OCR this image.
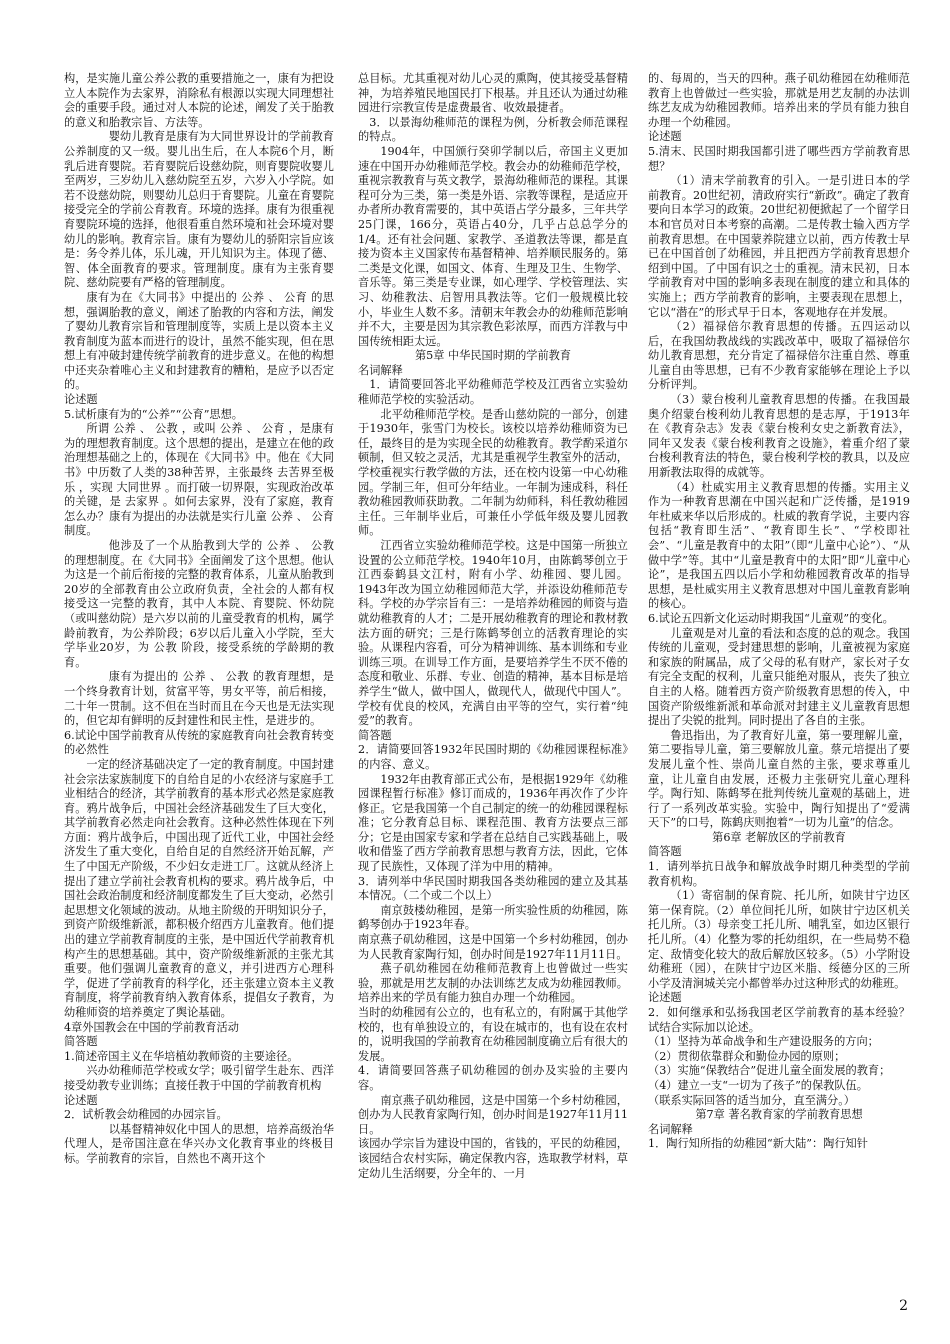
构，是实施儿童公养公教的重要措施之一，康有为把设立人本院作为去家界，消除私有根源以实现大同理想社会的重要手段。通过对人本院的论述，阐发了关于胎教的意义和胎教宗旨、方法等。

婴幼儿教育是康有为大同世界设计的学前教育公养制度的又一级。婴儿出生后，在人本院6个月，断乳后进育婴院。若育婴院后设慈幼院，则育婴院收婴儿至两岁，三岁幼儿入慈幼院至五岁，六岁入小学院。如若不设慈幼院，则婴幼儿总归于育婴院。儿童在育婴院接受完全的学前公育教育。环境的选择。康有为很重视育婴院环境的选择，他很看重自然环境和社会环境对婴幼儿的影响。教育宗旨。康有为婴幼儿的骄阳宗旨应该是：务令养儿体，乐儿魂，开儿知识为主。体现了德、智、体全面教育的要求。管理制度。康有为主张育婴院、慈幼院要有严格的管理制度。

康有为在《大同书》中提出的 公养 、 公育 的思想，强调胎教的意义，阐述了胎教的内容和方法，阐发了婴幼儿教育宗旨和管理制度等，实质上是以资本主义教育制度为蓝本而进行的设计，虽然不能实现，但在思想上有冲破封建传统学前教育的进步意义。在他的构想中还夹杂着唯心主义和封建教育的糟粕，是应予以否定的。

论述题

5.试析康有为的“公养”“公育”思想。

所谓 公养 、 公教 ，或叫 公养 、 公育 ，是康有为的理想教育制度。这个思想的提出，是建立在他的政治理想基础之上的，体现在《大同书》中。他在《大同书》中历数了人类的38种苦界，主张最终 去苦界至极乐 ，实现 大同世界 。而打破一切界限，实现政治改革的关键，是 去家界 。如何去家界，没有了家庭，教育怎么办？康有为提出的办法就是实行儿童 公养 、 公育 制度。

他涉及了一个从胎教到大学的 公养 、 公教 的理想制度。在《大同书》全面阐发了这个思想。他认为这是一个前后衔接的完整的教育体系，儿童从胎教到20岁的全部教育由公立政府负责，全社会的人都有权接受这一完整的教育，其中人本院、育婴院、怀幼院（或叫慈幼院）是六岁以前的儿童受教育的机构，属学龄前教育，为公养阶段；6岁以后儿童入小学院，至大学毕业20岁，为 公教 阶段，接受系统的学龄期的教育。

康有为提出的 公养 、 公教 的教育理想，是一个终身教育计划，贫富平等，男女平等，前后相接，二十年一贯制。这不但在当时而且在今天也是无法实现的，但它却有鲜明的反封建性和民主性，是进步的。

6.试论中国学前教育从传统的家庭教育向社会教育转变的必然性

一定的经济基础决定了一定的教育制度。中国封建社会宗法家族制度下的自给自足的小农经济与家庭手工业相结合的经济，其学前教育的基本形式必然是家庭教育。鸦片战争后，中国社会经济基础发生了巨大变化，其学前教育必然走向社会教育。这种必然性体现在下列方面：鸦片战争后，中国出现了近代工业，中国社会经济发生了重大变化，自给自足的自然经济开始瓦解，产生了中国无产阶级，不少妇女走进工厂。这就从经济上提出了建立学前社会教育机构的要求。鸦片战争后，中国社会政治制度和经济制度都发生了巨大变动，必然引起思想文化领域的波动。从地主阶级的开明知识分子，到资产阶级维新派，都积极介绍西方儿童教育。他们提出的建立学前教育制度的主张，是中国近代学前教育机构产生的思想基础。其中，资产阶级维新派的主张尤其重要。他们强调儿童教育的意义，并引进西方心理科学，促进了学前教育的科学化，还主张建立资本主义教育制度，将学前教育纳入教育体系，提倡女子教育，为幼稚师资的培养奠定了舆论基础。

4章外国教会在中国的学前教育活动

简答题

1.简述帝国主义在华培植幼教师资的主要途径。

兴办幼稚师范学校或女学；吸引留学生赴东、西洋接受幼教专业训练；直接任教于中国的学前教育机构

论述题

2．试析教会幼稚园的办园宗旨。

以基督精神奴化中国人的思想，培养高级治华代理人，是帝国注意在华兴办文化教育事业的终极目标。学前教育的宗旨，自然也不离开这个

总目标。尤其重视对幼儿心灵的熏陶，使其接受基督精神，为培养殖民地国民打下根基。并且还认为通过幼稚园进行宗教宣传是虚费最省、收效最捷者。

3．以景海幼稚师范的课程为例，分析教会师范课程的特点。

1904年，中国颁行癸卯学制以后，帝国主义更加速在中国开办幼稚师范学校。教会办的幼稚师范学校，重视宗教教育与英文教学，景海幼稚师范的课程。其课程可分为三类，第一类是外语、宗教等课程，是适应开办者所办教育需要的，其中英语占学分最多，三年共学25门课，166分，英语占40分，几乎占总总学分的1/4。还有社会问题、家教学、圣道教法等课，都是直接为资本主义国家传布基督精神、培养顺民服务的。第二类是文化课，如国文、体育、生理及卫生、生物学、音乐等。第三类是专业课，如心理学、学校管理法、实习、幼稚教法、启智用具教法等。它们一般规模比较小，毕业生人数不多。清朝末年教会办的幼稚师范影响并不大，主要是因为其宗教色彩浓厚，而西方洋教与中国传统相距太远。

第5章 中华民国时期的学前教育

名词解释

1．请简要回答北平幼稚师范学校及江西省立实验幼稚师范学校的实验活动。

北平幼稚师范学校。是香山慈幼院的一部分，创建于1930年，张雪门为校长。该校以培养幼稚师资为已任，最终目的是为实现全民的幼稚教育。教学酌采道尔顿制，但又较之灵活，尤其是重视学生教室外的活动，学校重视实行教学做的方法，还在校内设第一中心幼稚园。学制三年，但可分年结业。一年制为速成科，科任教幼稚园教师获助教。二年制为幼师科，科任教幼稚园主任。三年制毕业后，可兼任小学低年级及婴儿园教师。

江西省立实验幼稚师范学校。这是中国第一所独立设置的公立师范学校。1940年10月，由陈鹤琴创立于江西泰鹤县文江村，附有小学、幼稚园、婴儿园。1943年改为国立幼稚园师范大学，并添设幼稚师范专科。学校的办学宗旨有三：一是培养幼稚园的师资与造就幼稚教育的人才；二是开展幼稚教育的理论和教材教法方面的研究；三是行陈鹤琴创立的活教育理论的实验。从课程内容看，可分为精神训练、基本训练和专业训练三项。在训导工作方面，是要培养学生不厌不倦的态度和敬业、乐群、专业、创造的精神，基本目标是培养学生“做人，做中国人，做现代人，做现代中国人”。学校有优良的校风，充满自由平等的空气，实行着“纯爱”的教育。

简答题

2．请简要回答1932年民国时期的《幼稚园课程标准》的内容、意义。

1932年由教育部正式公布，是根据1929年《幼稚园课程暂行标准》修订而成的，1936年再次作了少许修正。它是我国第一个自己制定的统一的幼稚园课程标准；它分教育总目标、课程范围、教育方法要点三部分；它是由国家专家和学者在总结自己实践基础上，吸收和借鉴了西方学前教育思想与教育方法，因此，它体现了民族性，又体现了洋为中用的精神。

3．请列举中华民国时期我国各类幼稚园的建立及其基本情况。（二个或二个以上）

南京鼓楼幼稚园，是第一所实验性质的幼稚园，陈鹤琴创办于1923年春。

南京燕子矶幼稚园，这是中国第一个乡村幼稚园，创办为人民教育家陶行知，创办时间是1927年11月11日。

燕子矶幼稚园在幼稚师范教育上也曾做过一些实验，那就是用艺友制的办法训练艺友成为幼稚园教师。培养出来的学员有能力独自办理一个幼稚园。

当时的幼稚园有公立的，也有私立的，有附属于其他学校的，也有单独设立的，有设在城市的，也有设在农村的，说明我国的学前教育在幼稚园制度确立后有很大的发展。

4．请简要回答燕子矶幼稚园的创办及实验的主要内容。

南京燕子矶幼稚园，这是中国第一个乡村幼稚园，创办为人民教育家陶行知，创办时间是1927年11月11日。

该园办学宗旨为建设中国的，省钱的，平民的幼稚园，该园结合农村实际，确定保教内容，选取教学材料，草定幼儿生活纲要，分全年的、一月

的、每周的，当天的四种。燕子矶幼稚园在幼稚师范教育上也曾做过一些实验，那就是用艺友制的办法训练艺友成为幼稚园教师。培养出来的学员有能力独自办理一个幼稚园。

论述题

5.清末、民国时期我国都引进了哪些西方学前教育思想？

（1）清末学前教育的引入。一是引进日本的学前教育。20世纪初，清政府实行“新政”。确定了教育要向日本学习的政策。20世纪初便掀起了一个留学日本和官员对日本考察的高潮。二是传教士输入西方学前教育思想。在中国蒙养院建立以前，西方传教士早已在中国首创了幼稚园，并且把西方学前教育思想介绍到中国。了中国有识之士的重视。清末民初，日本学前教育对中国的影响多表现在制度的建立和具体的实施上；西方学前教育的影响，主要表现在思想上，它以“潜在”的形式早于日本，客观地存在并发展。

（2）福禄倍尔教育思想的传播。五四运动以后，在我国幼教战线的实践改革中，吸取了福禄倍尔幼儿教育思想，充分肯定了福禄倍尔注重自然、尊重儿童自由等思想，已有不少教育家能够在理论上予以分析评判。

（3）蒙台梭利儿童教育思想的传播。在我国最奥介绍蒙台梭利幼儿教育思想的是志厚，于1913年在《教育杂志》发表《蒙台梭利女史之新教育法》，同年又发表《蒙台梭利教育之设施》，着重介绍了蒙台梭利教育法的特色，蒙台梭利学校的教具，以及应用新教法取得的成就等。

（4）杜威实用主义教育思想的传播。实用主义作为一种教育思潮在中国兴起和广泛传播，是1919年杜威来华以后形成的。杜威的教育学说，主要内容包括“教育即生活”、“教育即生长”、“学校即社会”、“儿童是教育中的太阳”（即“儿童中心论”）、“从做中学”等。其中“儿童是教育中的太阳”即“儿童中心论”，是我国五四以后小学和幼稚园教育改革的指导思想，是杜威实用主义教育思想对中国儿童教育影响的核心。

6.试论五四新文化运动时期我国“儿童观”的变化。

儿童观是对儿童的看法和态度的总的观念。我国传统的儿童观，受封建思想的影响，儿童被视为家庭和家族的附属品，成了父母的私有财产，家长对子女有完全支配的权利，儿童只能绝对服从，丧失了独立自主的人格。随着西方资产阶级教育思想的传入，中国资产阶级维新派和革命派对封建主义儿童教育思想提出了尖锐的批判。同时提出了各自的主张。

鲁迅指出，为了教育好儿童，第一要理解儿童，第二要指导儿童，第三要解放儿童。蔡元培提出了要发展儿童个性、崇尚儿童自然的主张，要求尊重儿童，让儿童自由发展，还极力主张研究儿童心理科学。陶行知、陈鹤琴在批判传统儿童观的基础上，进行了一系列改革实验。实验中，陶行知提出了“爱满天下”的口号，陈鹤庆则抱着“一切为儿童”的信念。

第6章 老解放区的学前教育

简答题

1．请列举抗日战争和解放战争时期几种类型的学前教育机构。

（1）寄宿制的保育院、托儿所，如陕甘宁边区第一保育院。（2）单位间托儿所，如陕甘宁边区机关托儿所。（3）母亲变工托儿所、哺乳室，如边区银行托儿所。（4）化整为零的托幼组织，在一些局势不稳定、敌情变化较大的敌后解放区较多。（5）小学附设幼稚班（园），在陕甘宁边区米脂、绥德分区的三所小学及清涧城关完小都曾举办过这种形式的幼稚班。

论述题

2．如何继承和弘扬我国老区学前教育的基本经验？试结合实际加以论述。

（1）坚持为革命战争和生产建设服务的方向；

（2）贯彻依靠群众和勤俭办园的原则；

（3）实施“保教结合”促进儿童全面发展的教育；

（4）建立一支“一切为了孩子”的保教队伍。

（联系实际回答的适当加分，直至满分。）

第7章 著名教育家的学前教育思想

名词解释

1．陶行知所指的幼稚园“新大陆”：陶行知针

2
